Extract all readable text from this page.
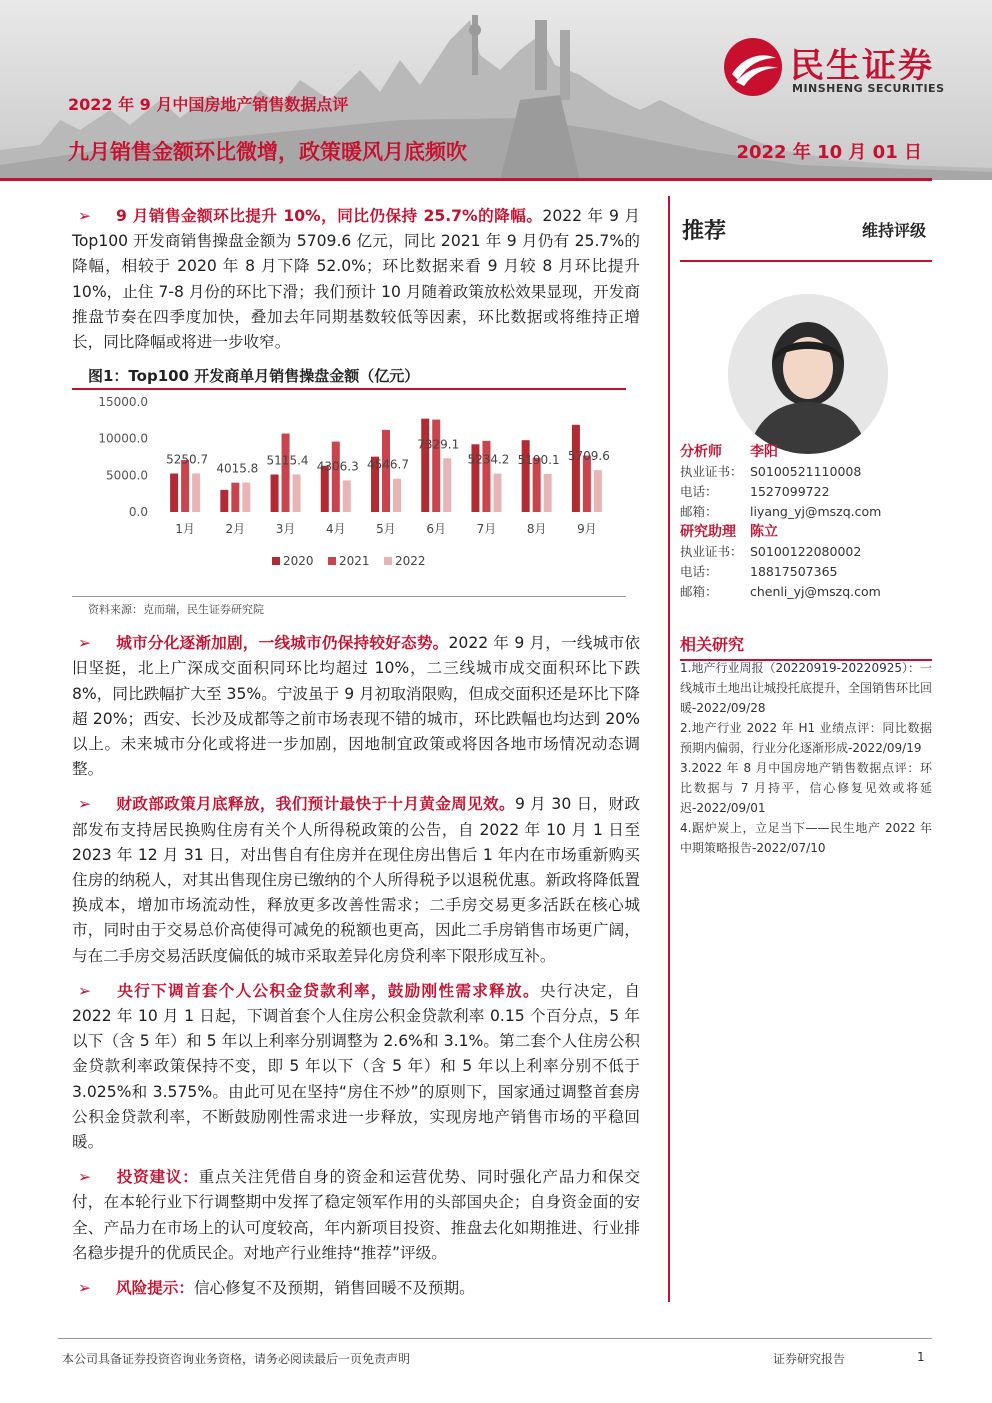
2022 年 9 月中国房地产销售数据点评
九月销售金额环比微增，政策暖风月底频吹	2022 年 10 月 01 日
民生证券
MINSHENG SECURITIES

➢ 9 月销售金额环比提升 10%，同比仍保持 25.7%的降幅。2022 年 9 月 Top100 开发商销售操盘金额为 5709.6 亿元，同比 2021 年 9 月仍有 25.7%的降幅，相较于 2020 年 8 月下降 52.0%；环比数据来看 9 月较 8 月环比提升 10%，止住 7-8 月份的环比下滑；我们预计 10 月随着政策放松效果显现，开发商推盘节奏在四季度加快，叠加去年同期基数较低等因素，环比数据或将维持正增长，同比降幅或将进一步收窄。

图1：Top100 开发商单月销售操盘金额（亿元）
15000.0
10000.0
5000.0
0.0
5250.7
1月
4015.8
2月
5115.4
3月
4306.3
4月
4546.7
5月
7329.1
6月
5234.2
7月
5190.1
8月
5709.6
9月
2020 2021 2022
资料来源：克而瑞，民生证券研究院

➢ 城市分化逐渐加剧，一线城市仍保持较好态势。2022 年 9 月，一线城市依旧坚挺，北上广深成交面积同环比均超过 10%，二三线城市成交面积环比下跌 8%，同比跌幅扩大至 35%。宁波虽于 9 月初取消限购，但成交面积还是环比下降超 20%；西安、长沙及成都等之前市场表现不错的城市，环比跌幅也均达到 20%以上。未来城市分化或将进一步加剧，因地制宜政策或将因各地市场情况动态调整。

➢ 财政部政策月底释放，我们预计最快于十月黄金周见效。9 月 30 日，财政部发布支持居民换购住房有关个人所得税政策的公告，自 2022 年 10 月 1 日至 2023 年 12 月 31 日，对出售自有住房并在现住房出售后 1 年内在市场重新购买住房的纳税人，对其出售现住房已缴纳的个人所得税予以退税优惠。新政将降低置换成本，增加市场流动性，释放更多改善性需求；二手房交易更多活跃在核心城市，同时由于交易总价高使得可减免的税额也更高，因此二手房销售市场更广阔，与在二手房交易活跃度偏低的城市采取差异化房贷利率下限形成互补。

➢ 央行下调首套个人公积金贷款利率，鼓励刚性需求释放。央行决定，自 2022 年 10 月 1 日起，下调首套个人住房公积金贷款利率 0.15 个百分点，5 年以下（含 5 年）和 5 年以上利率分别调整为 2.6%和 3.1%。第二套个人住房公积金贷款利率政策保持不变，即 5 年以下（含 5 年）和 5 年以上利率分别不低于 3.025%和 3.575%。由此可见在坚持“房住不炒”的原则下，国家通过调整首套房公积金贷款利率，不断鼓励刚性需求进一步释放，实现房地产销售市场的平稳回暖。

➢ 投资建议：重点关注凭借自身的资金和运营优势、同时强化产品力和保交付，在本轮行业下行调整期中发挥了稳定领军作用的头部国央企；自身资金面的安全、产品力在市场上的认可度较高，年内新项目投资、推盘去化如期推进、行业排名稳步提升的优质民企。对地产行业维持“推荐”评级。

➢ 风险提示：信心修复不及预期，销售回暖不及预期。

推荐	维持评级
分析师 李阳
执业证书： S0100521110008
电话：	1527099722
邮箱：	liyang_yj@mszq.com
研究助理 陈立
执业证书： S0100122080002
电话：	18817507365
邮箱：	chenli_yj@mszq.com
相关研究
1.地产行业周报（20220919-20220925）：一线城市土地出让城投托底提升，全国销售环比回暖-2022/09/28
2.地产行业 2022 年 H1 业绩点评：同比数据预期内偏弱，行业分化逐渐形成-2022/09/19
3.2022 年 8 月中国房地产销售数据点评：环比数据与 7 月持平，信心修复见效或将延迟-2022/09/01
4.踞炉炭上，立足当下——民生地产 2022 年中期策略报告-2022/07/10
本公司具备证券投资咨询业务资格，请务必阅读最后一页免责声明	证券研究报告	1
